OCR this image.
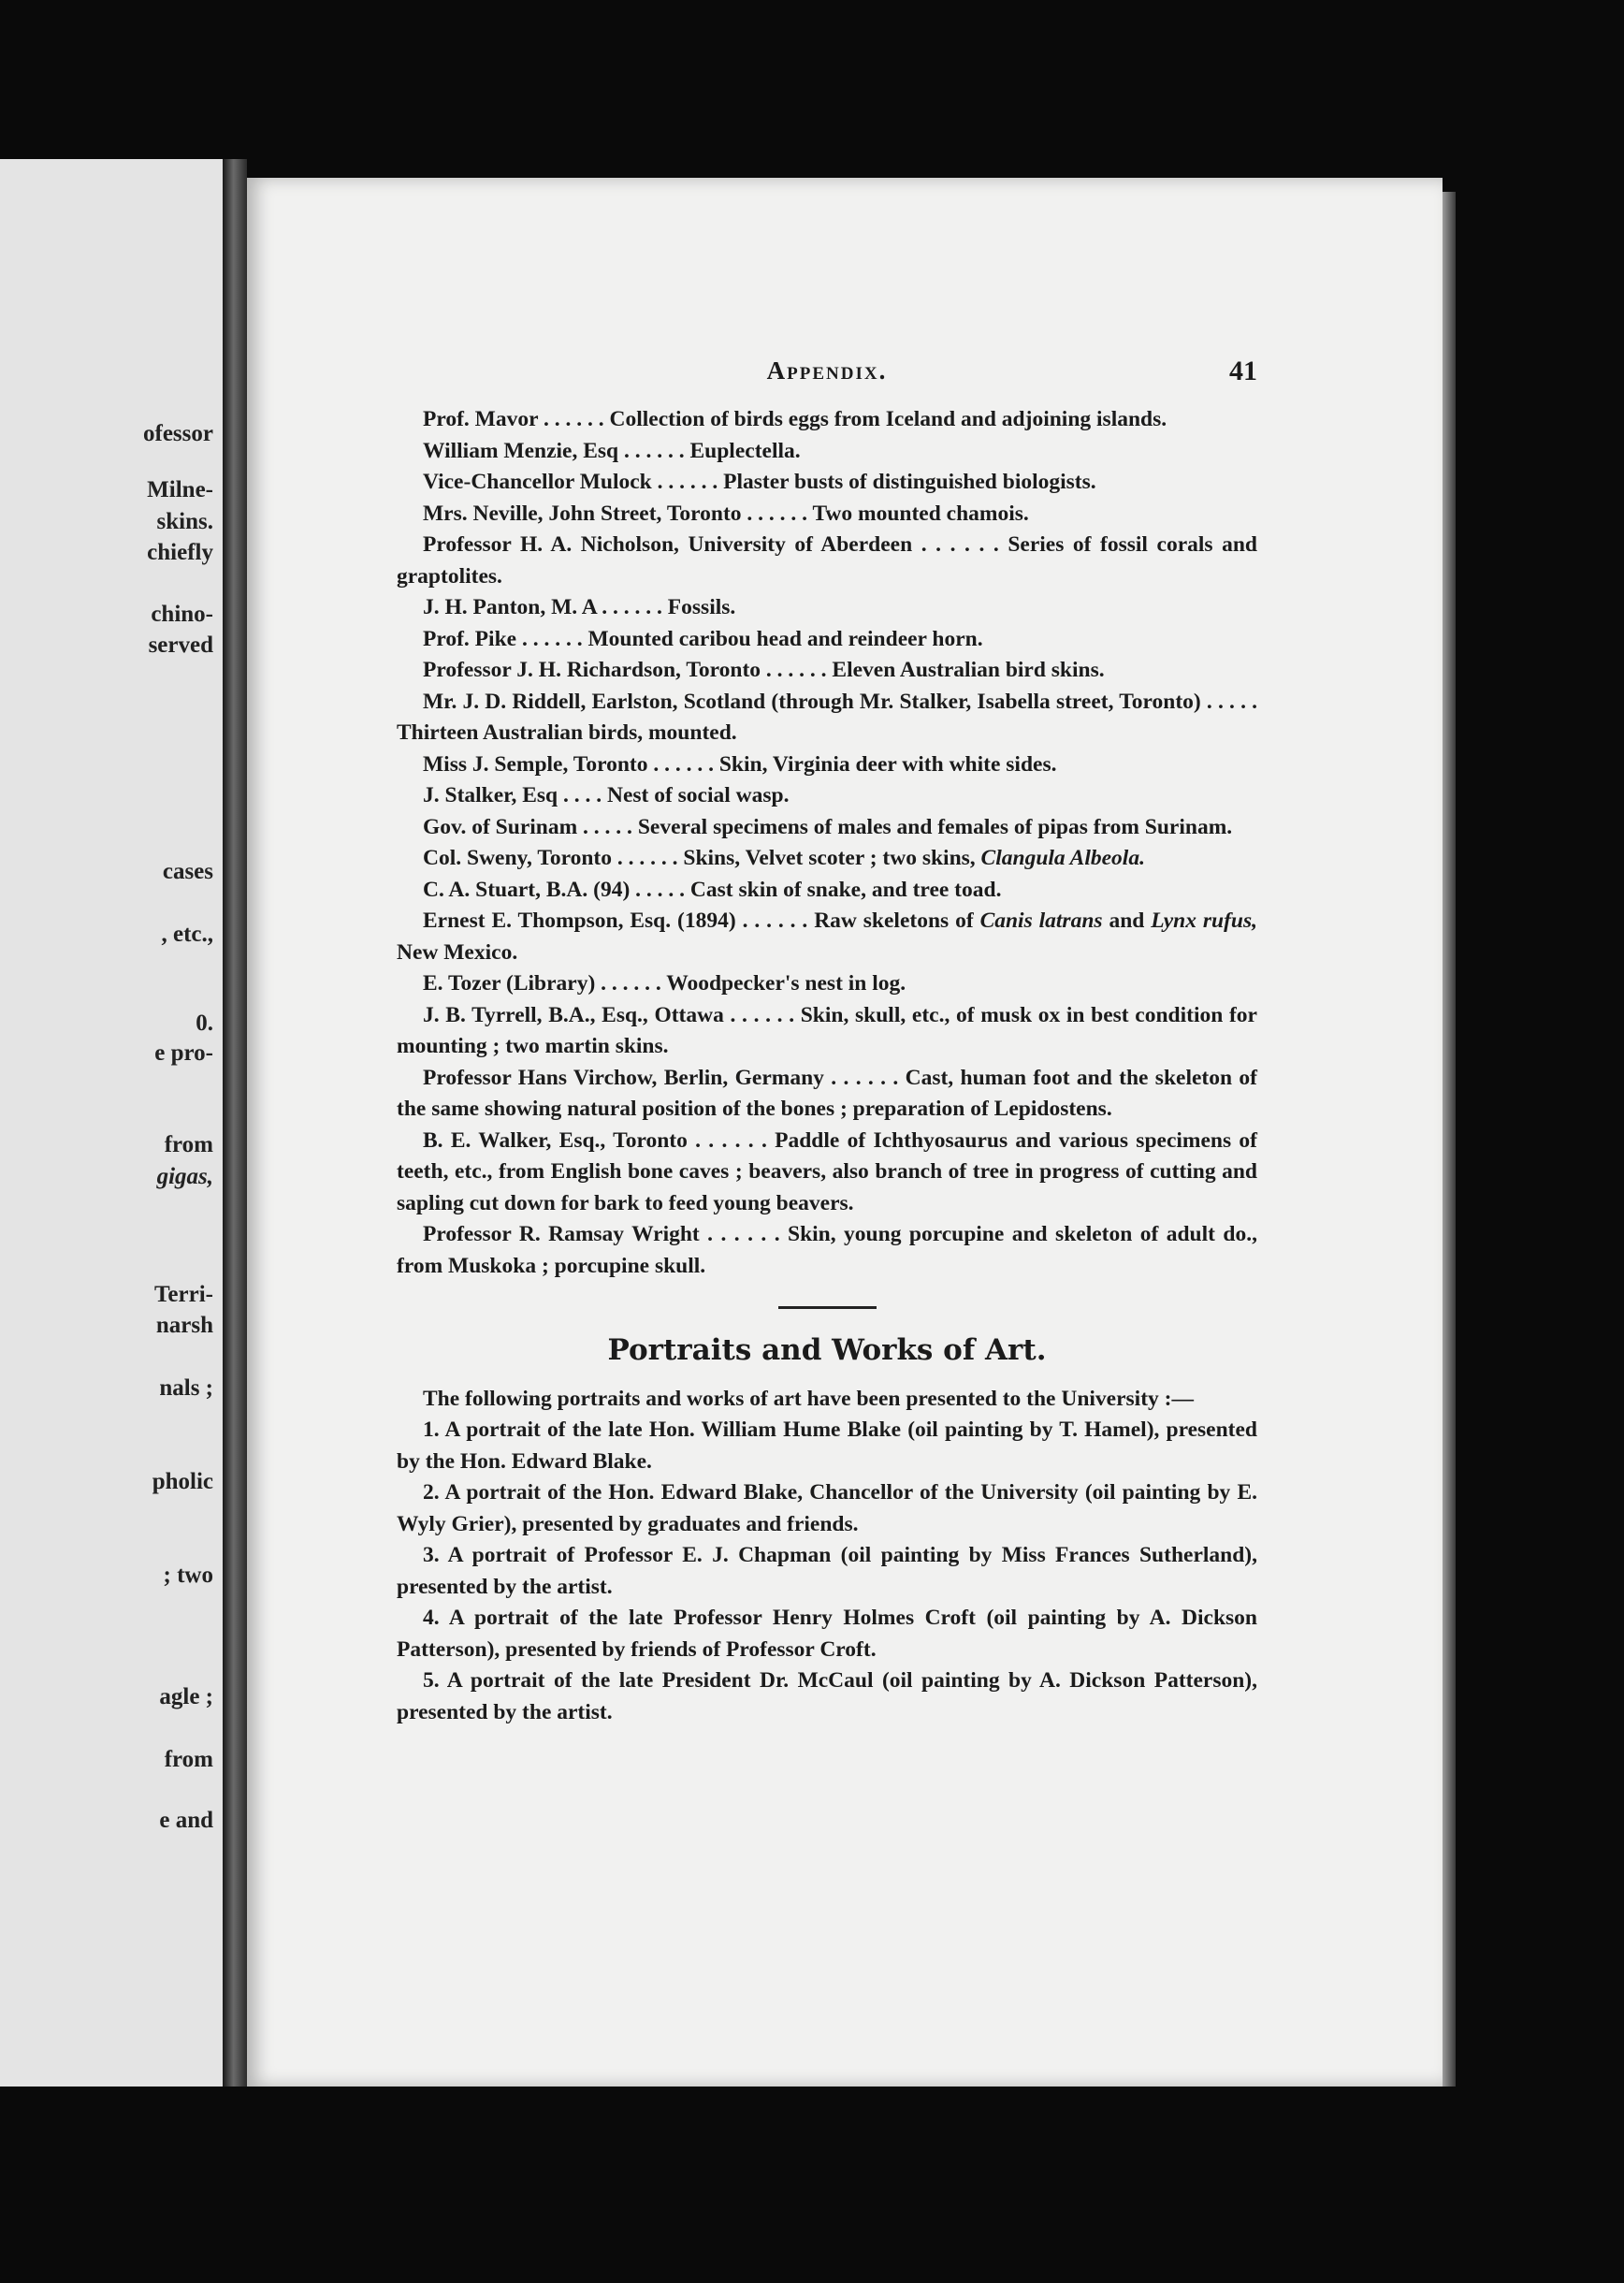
ofessor
Milne-
skins.
chiefly
chino-
served
cases
, etc.,
0.
e pro-
from
gigas,
Terri-
narsh
nals ;
pholic
; two
agle ;
from
e and
Appendix.	41

Prof. Mavor . . . . . . Collection of birds eggs from Iceland and adjoining islands.

William Menzie, Esq . . . . . . Euplectella.

Vice-Chancellor Mulock . . . . . . Plaster busts of distinguished biologists.

Mrs. Neville, John Street, Toronto . . . . . . Two mounted chamois.

Professor H. A. Nicholson, University of Aberdeen . . . . . . Series of fossil corals and graptolites.

J. H. Panton, M. A . . . . . . Fossils.

Prof. Pike . . . . . . Mounted caribou head and reindeer horn.

Professor J. H. Richardson, Toronto . . . . . . Eleven Australian bird skins.

Mr. J. D. Riddell, Earlston, Scotland (through Mr. Stalker, Isabella street, Toronto) . . . . . Thirteen Australian birds, mounted.

Miss J. Semple, Toronto . . . . . . Skin, Virginia deer with white sides.

J. Stalker, Esq . . . . Nest of social wasp.

Gov. of Surinam . . . . . Several specimens of males and females of pipas from Surinam.

Col. Sweny, Toronto . . . . . . Skins, Velvet scoter ; two skins, Clangula Albeola.

C. A. Stuart, B.A. (94) . . . . . Cast skin of snake, and tree toad.

Ernest E. Thompson, Esq. (1894) . . . . . . Raw skeletons of Canis latrans and Lynx rufus, New Mexico.

E. Tozer (Library) . . . . . . Woodpecker's nest in log.

J. B. Tyrrell, B.A., Esq., Ottawa . . . . . . Skin, skull, etc., of musk ox in best condition for mounting ; two martin skins.

Professor Hans Virchow, Berlin, Germany . . . . . . Cast, human foot and the skeleton of the same showing natural position of the bones ; preparation of Lepidostens.

B. E. Walker, Esq., Toronto . . . . . . Paddle of Ichthyosaurus and various specimens of teeth, etc., from English bone caves ; beavers, also branch of tree in progress of cutting and sapling cut down for bark to feed young beavers.

Professor R. Ramsay Wright . . . . . . Skin, young porcupine and skeleton of adult do., from Muskoka ; porcupine skull.

Portraits and Works of Art.

The following portraits and works of art have been presented to the University :—

1. A portrait of the late Hon. William Hume Blake (oil painting by T. Hamel), presented by the Hon. Edward Blake.

2. A portrait of the Hon. Edward Blake, Chancellor of the University (oil painting by E. Wyly Grier), presented by graduates and friends.

3. A portrait of Professor E. J. Chapman (oil painting by Miss Frances Sutherland), presented by the artist.

4. A portrait of the late Professor Henry Holmes Croft (oil painting by A. Dickson Patterson), presented by friends of Professor Croft.

5. A portrait of the late President Dr. McCaul (oil painting by A. Dickson Patterson), presented by the artist.
